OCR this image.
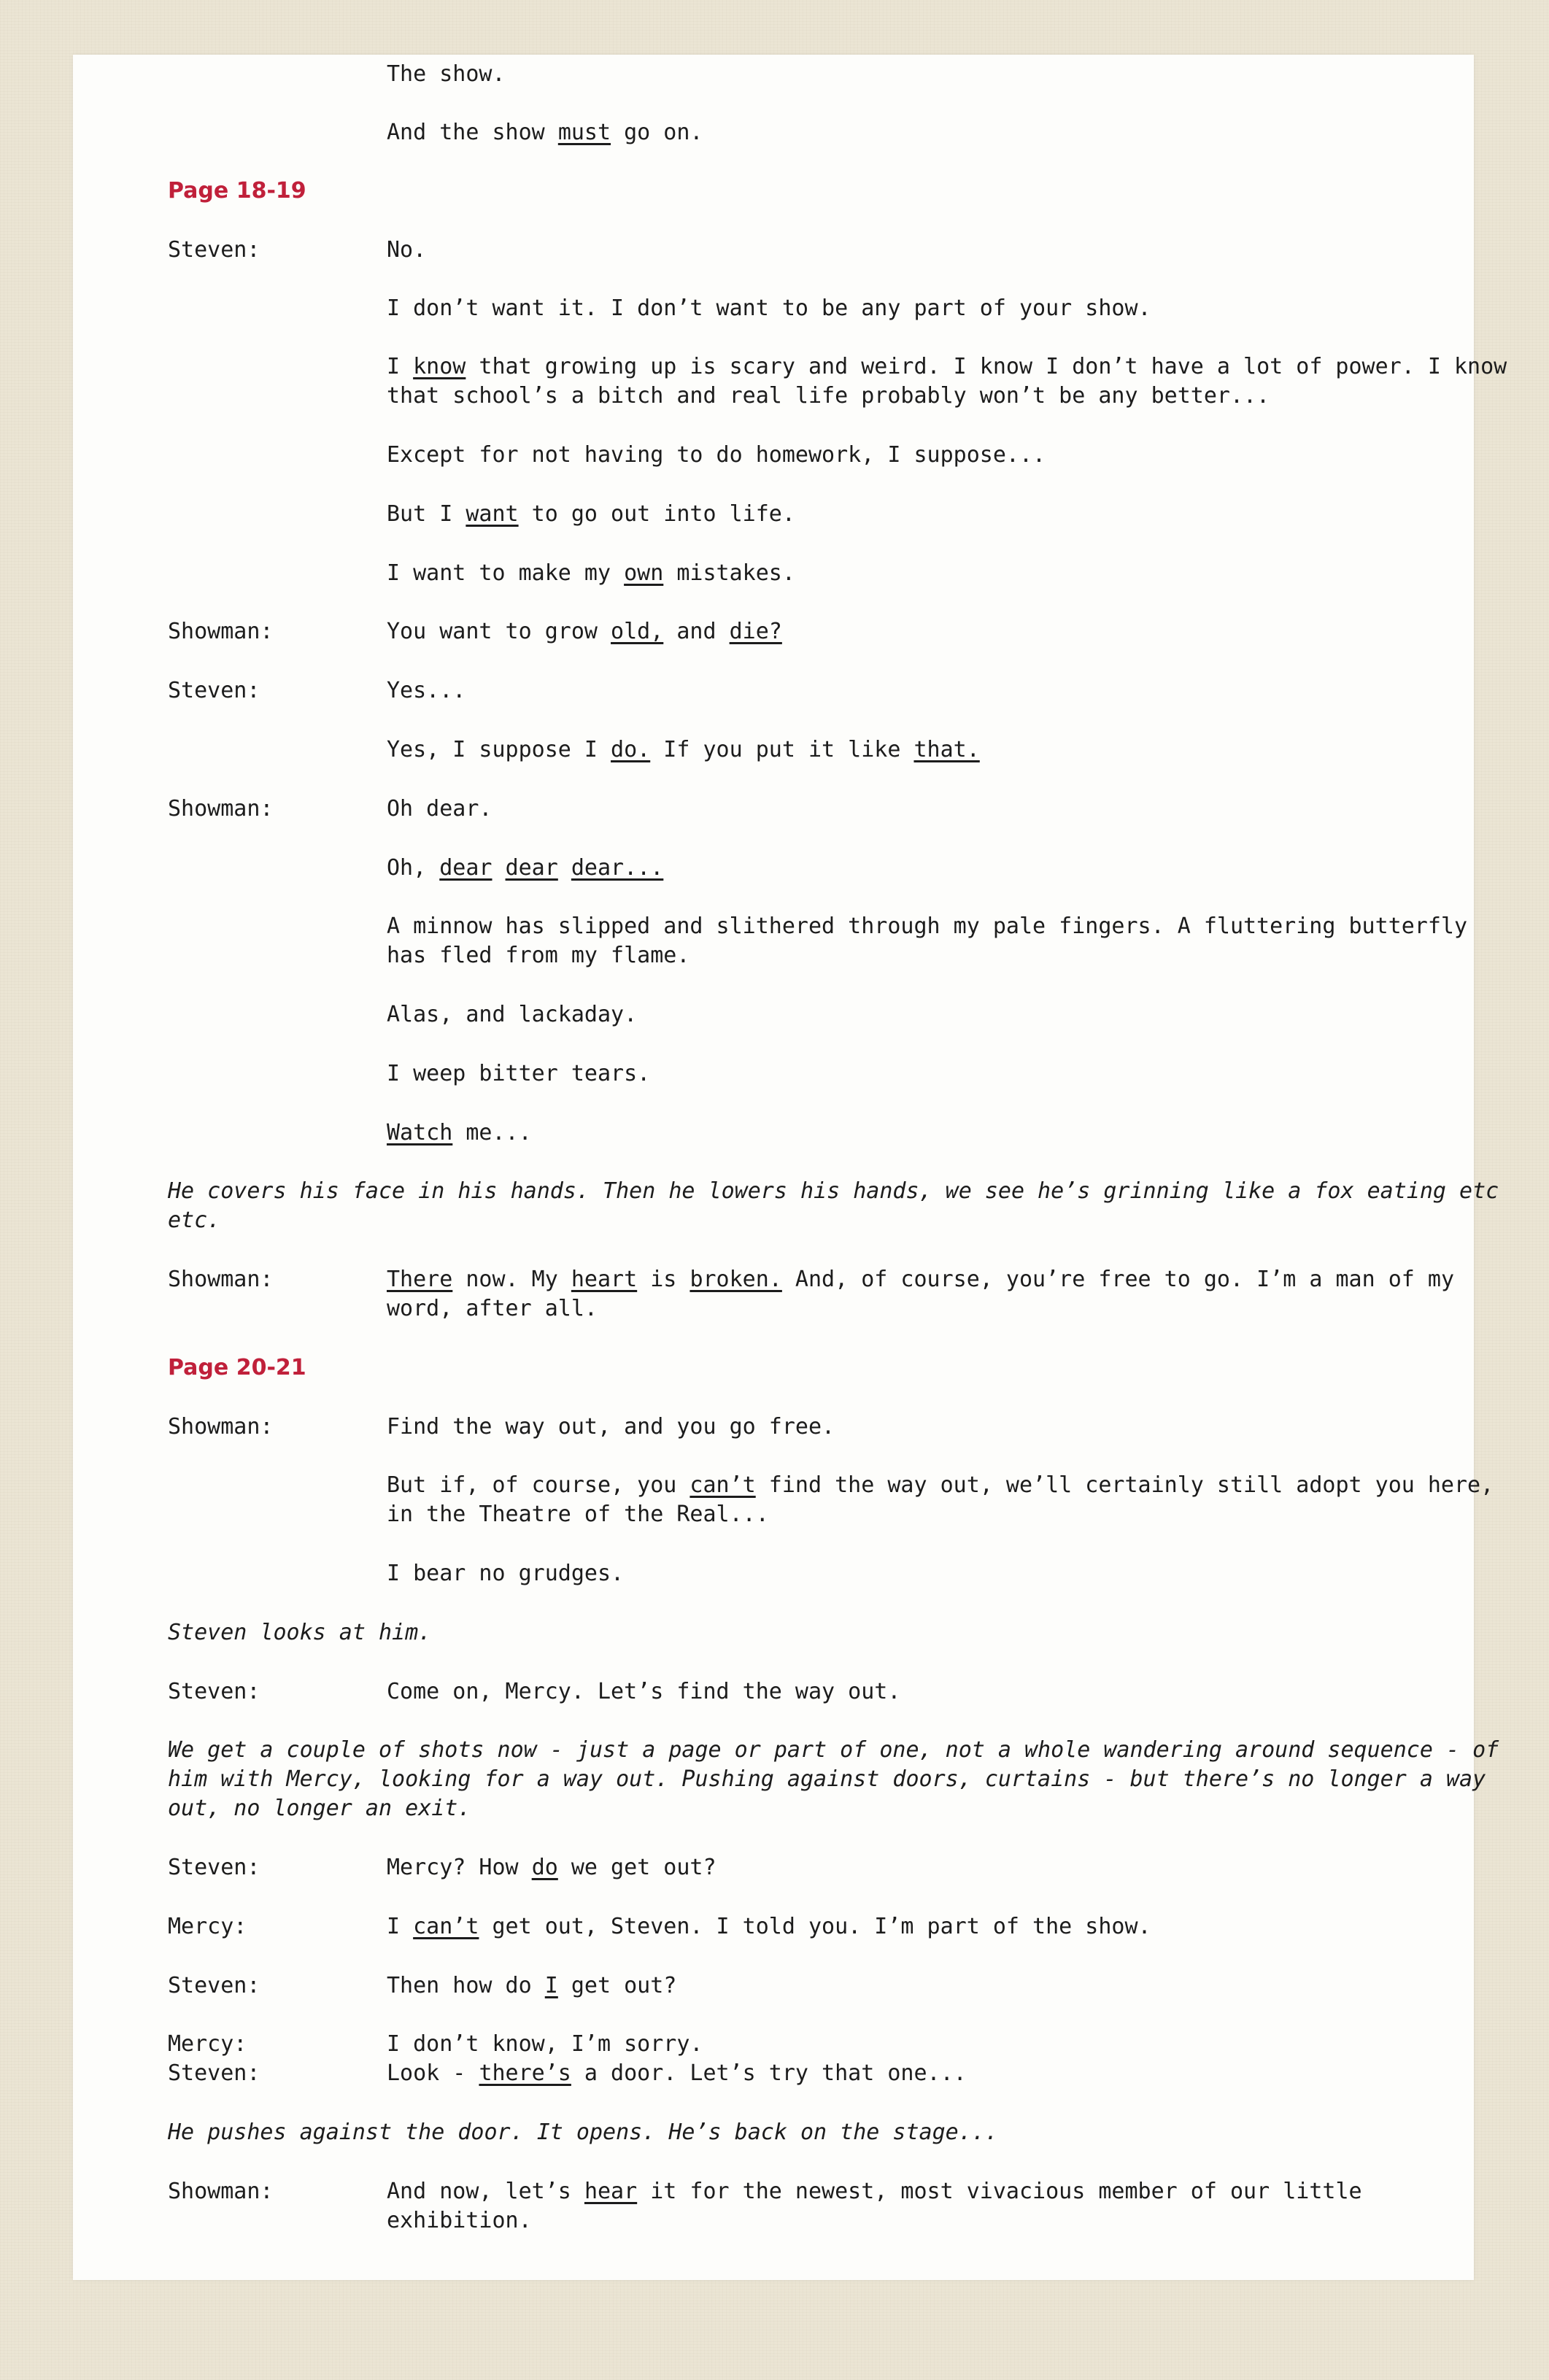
The show.
And the show must go on.
Page 18-19
Steven:	No.
I don’t want it. I don’t want to be any part of your show.
I know that growing up is scary and weird. I know I don’t have a lot of power. I know
that school’s a bitch and real life probably won’t be any better...
Except for not having to do homework, I suppose...
But I want to go out into life.
I want to make my own mistakes.
Showman:	You want to grow old, and die?
Steven:	Yes...
Yes, I suppose I do. If you put it like that.
Showman:	Oh dear.
Oh, dear dear dear...
A minnow has slipped and slithered through my pale fingers. A fluttering butterfly
has fled from my flame.
Alas, and lackaday.
I weep bitter tears.
Watch me...
He covers his face in his hands. Then he lowers his hands, we see he’s grinning like a fox eating etc
etc.
Showman:	There now. My heart is broken. And, of course, you’re free to go. I’m a man of my
word, after all.
Page 20-21
Showman:	Find the way out, and you go free.
But if, of course, you can’t find the way out, we’ll certainly still adopt you here,
in the Theatre of the Real...
I bear no grudges.
Steven looks at him.
Steven:	Come on, Mercy. Let’s find the way out.
We get a couple of shots now - just a page or part of one, not a whole wandering around sequence - of
him with Mercy, looking for a way out. Pushing against doors, curtains - but there’s no longer a way
out, no longer an exit.
Steven:	Mercy? How do we get out?
Mercy:	I can’t get out, Steven. I told you. I’m part of the show.
Steven:	Then how do I get out?
Mercy:	I don’t know, I’m sorry.
Steven:	Look - there’s a door. Let’s try that one...
He pushes against the door. It opens. He’s back on the stage...
Showman:	And now, let’s hear it for the newest, most vivacious member of our little
exhibition.
